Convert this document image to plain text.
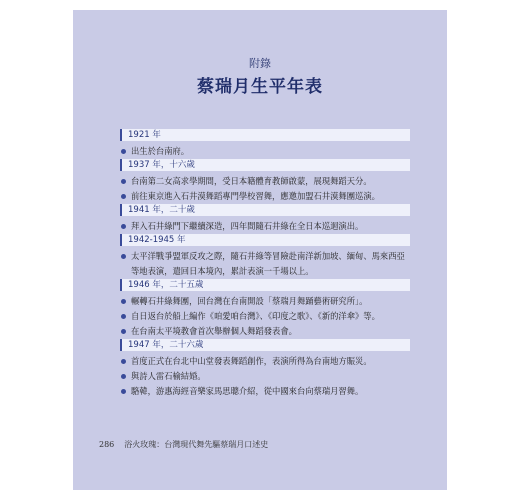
附錄
蔡瑞月生平年表
1921 年
出生於台南府。
1937 年，十六歲
台南第二女高求學期間，受日本籍體育教師啟蒙，展現舞蹈天分。
前往東京進入石井漠舞蹈專門學校習舞，應邀加盟石井漠舞團巡演。
1941 年，二十歲
拜入石井綠門下繼續深造，四年間隨石井綠在全日本巡迴演出。
1942-1945 年
太平洋戰爭盟軍反攻之際，隨石井綠等冒險赴南洋新加坡、緬甸、馬來西亞等地表演，遣回日本境內，累計表演一千場以上。
1946 年，二十五歲
輾轉石井綠舞團，回台灣在台南開設「蔡瑞月舞踊藝術研究所」。
自日返台於船上編作《咱愛咱台灣》、《印度之歌》、《新的洋傘》等。
在台南太平境教會首次舉辦個人舞蹈發表會。
1947 年，二十六歲
首度正式在台北中山堂發表舞蹈創作，表演所得為台南地方賑災。
與詩人雷石榆結婚。
駱韓，游惠海經音樂家馬思聰介紹，從中國來台向蔡瑞月習舞。
286 浴火玫瑰：台灣現代舞先驅蔡瑞月口述史
